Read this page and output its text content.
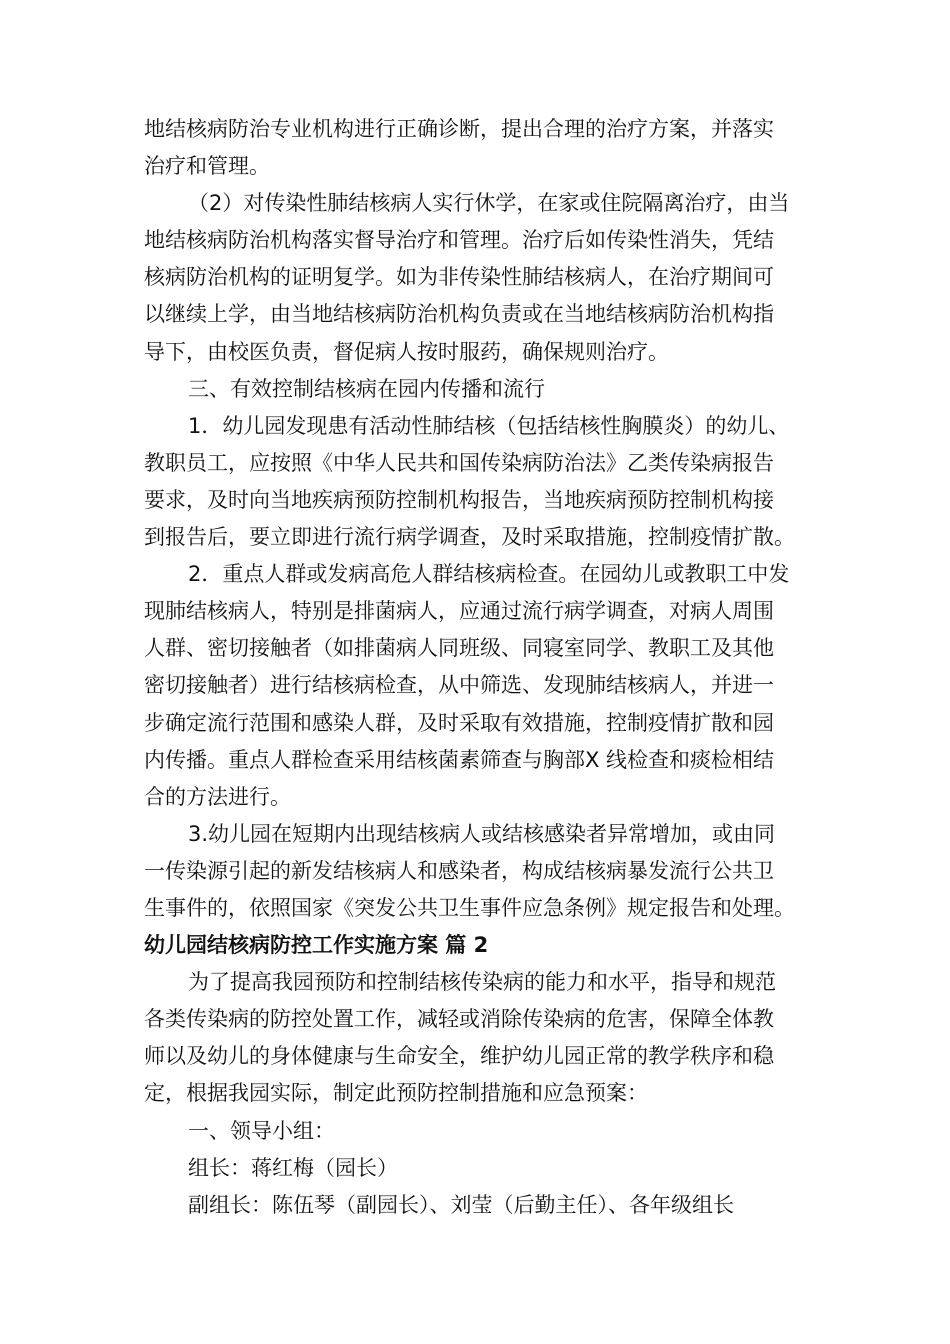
地结核病防治专业机构进行正确诊断，提出合理的治疗方案，并落实
治疗和管理。
（2）对传染性肺结核病人实行休学，在家或住院隔离治疗，由当
地结核病防治机构落实督导治疗和管理。治疗后如传染性消失，凭结
核病防治机构的证明复学。如为非传染性肺结核病人，在治疗期间可
以继续上学，由当地结核病防治机构负责或在当地结核病防治机构指
导下，由校医负责，督促病人按时服药，确保规则治疗。
三、有效控制结核病在园内传播和流行
1．幼儿园发现患有活动性肺结核（包括结核性胸膜炎）的幼儿、
教职员工，应按照《中华人民共和国传染病防治法》乙类传染病报告
要求，及时向当地疾病预防控制机构报告，当地疾病预防控制机构接
到报告后，要立即进行流行病学调查，及时采取措施，控制疫情扩散。
2．重点人群或发病高危人群结核病检查。在园幼儿或教职工中发
现肺结核病人，特别是排菌病人，应通过流行病学调查，对病人周围
人群、密切接触者（如排菌病人同班级、同寝室同学、教职工及其他
密切接触者）进行结核病检查，从中筛选、发现肺结核病人，并进一
步确定流行范围和感染人群，及时采取有效措施，控制疫情扩散和园
内传播。重点人群检查采用结核菌素筛查与胸部X 线检查和痰检相结
合的方法进行。
3.幼儿园在短期内出现结核病人或结核感染者异常增加，或由同
一传染源引起的新发结核病人和感染者，构成结核病暴发流行公共卫
生事件的，依照国家《突发公共卫生事件应急条例》规定报告和处理。
幼儿园结核病防控工作实施方案 篇 2
为了提高我园预防和控制结核传染病的能力和水平，指导和规范
各类传染病的防控处置工作，减轻或消除传染病的危害，保障全体教
师以及幼儿的身体健康与生命安全，维护幼儿园正常的教学秩序和稳
定，根据我园实际，制定此预防控制措施和应急预案：
一、领导小组：
组长：蒋红梅（园长）
副组长：陈伍琴（副园长）、刘莹（后勤主任）、各年级组长
